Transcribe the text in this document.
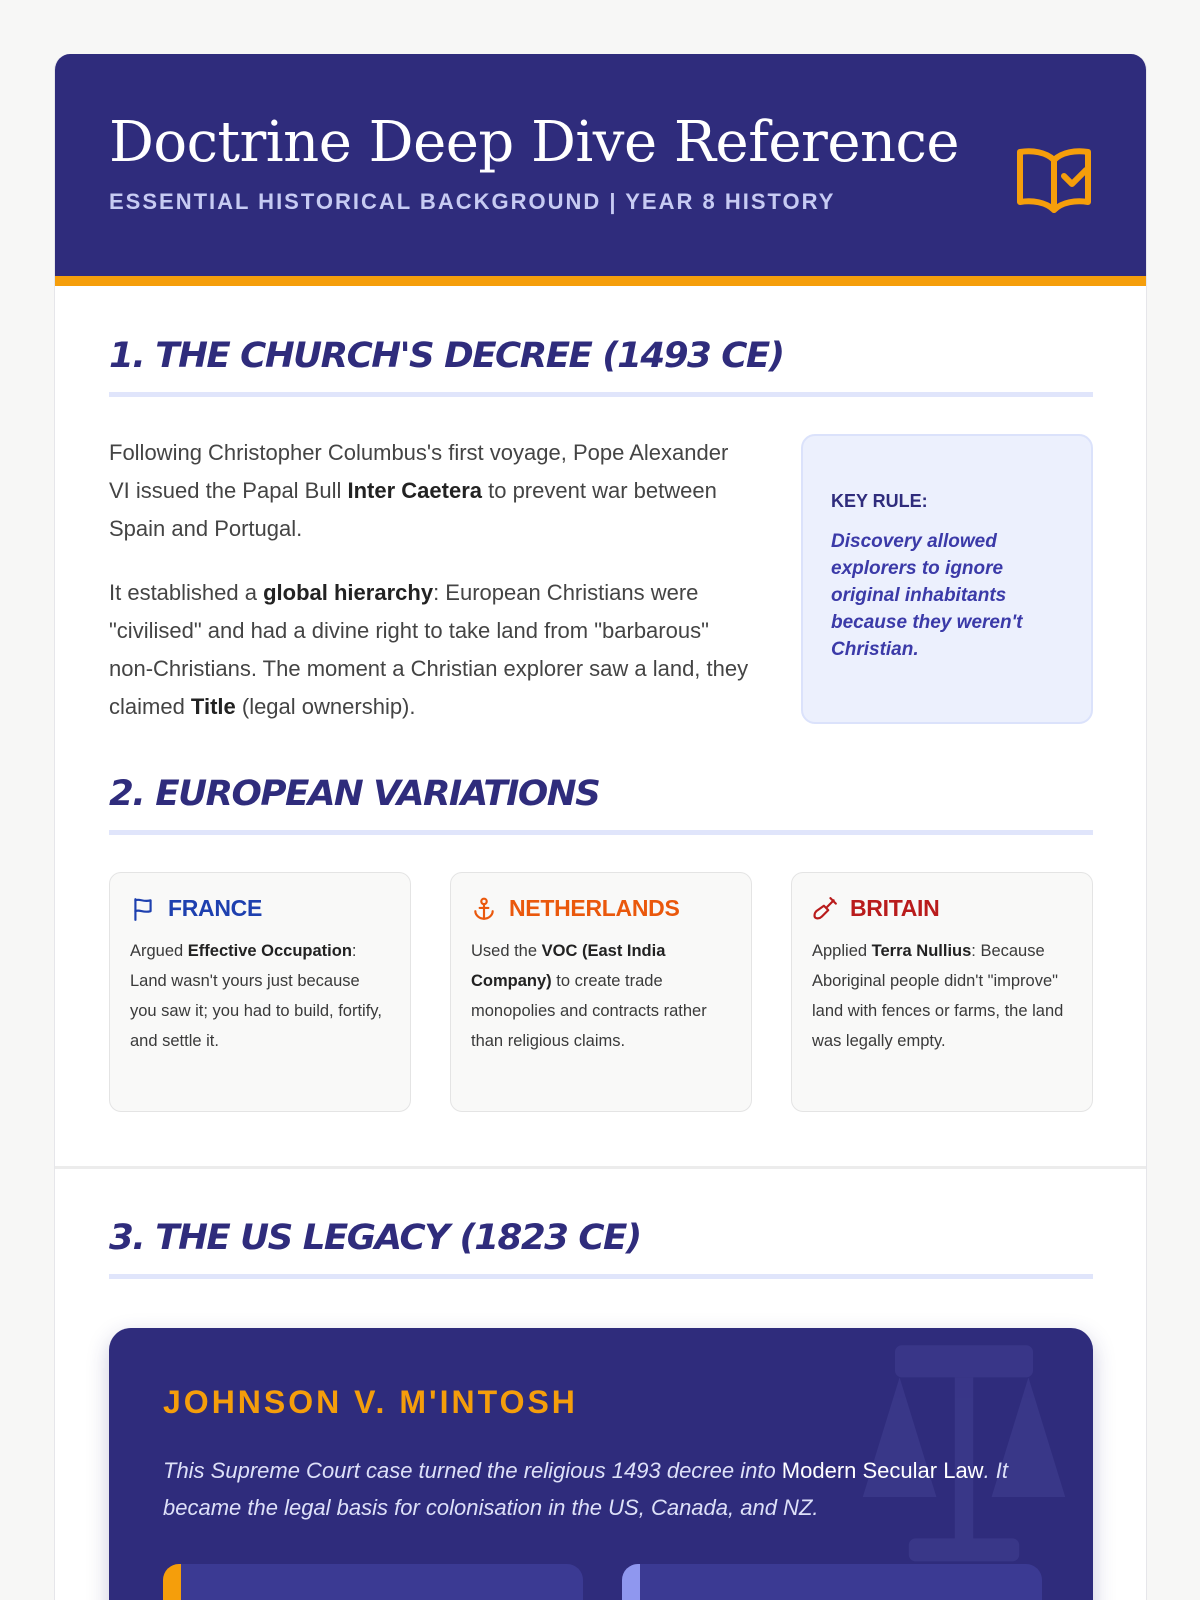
Doctrine Deep Dive Reference
ESSENTIAL HISTORICAL BACKGROUND | YEAR 8 HISTORY
1. THE CHURCH'S DECREE (1493 CE)

Following Christopher Columbus's first voyage, Pope Alexander VI issued the Papal Bull Inter Caetera to prevent war between Spain and Portugal.

It established a global hierarchy: European Christians were "civilised" and had a divine right to take land from "barbarous" non-Christians. The moment a Christian explorer saw a land, they claimed Title (legal ownership).

KEY RULE:
Discovery allowed explorers to ignore original inhabitants because they weren't Christian.
2. EUROPEAN VARIATIONS
FRANCE
Argued Effective Occupation: Land wasn't yours just because you saw it; you had to build, fortify, and settle it.
NETHERLANDS
Used the VOC (East India Company) to create trade monopolies and contracts rather than religious claims.
BRITAIN
Applied Terra Nullius: Because Aboriginal people didn't "improve" land with fences or farms, the land was legally empty.
3. THE US LEGACY (1823 CE)
JOHNSON V. M'INTOSH

This Supreme Court case turned the religious 1493 decree into Modern Secular Law. It became the legal basis for colonisation in the US, Canada, and NZ.
